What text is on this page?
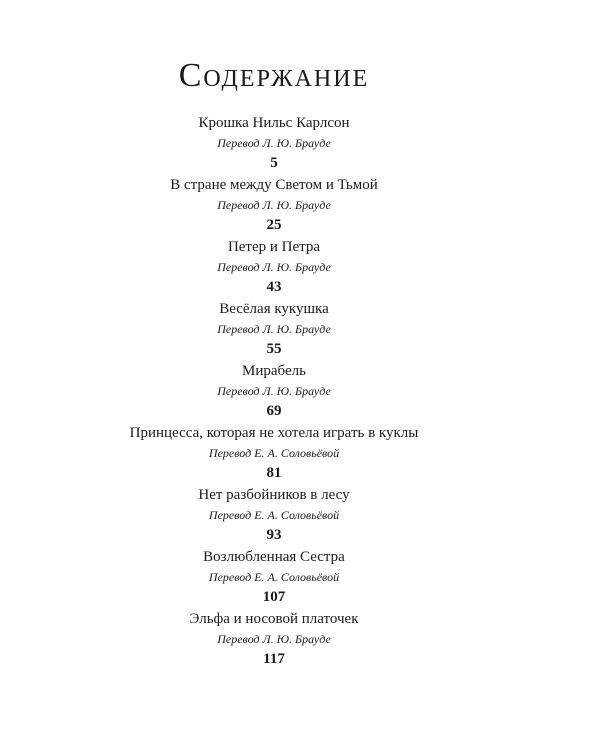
Содержание
Крошка Нильс Карлсон
Перевод Л. Ю. Брауде
5
В стране между Светом и Тьмой
Перевод Л. Ю. Брауде
25
Петер и Петра
Перевод Л. Ю. Брауде
43
Весёлая кукушка
Перевод Л. Ю. Брауде
55
Мирабель
Перевод Л. Ю. Брауде
69
Принцесса, которая не хотела играть в куклы
Перевод Е. А. Соловьёвой
81
Нет разбойников в лесу
Перевод Е. А. Соловьёвой
93
Возлюбленная Сестра
Перевод Е. А. Соловьёвой
107
Эльфа и носовой платочек
Перевод Л. Ю. Брауде
117
